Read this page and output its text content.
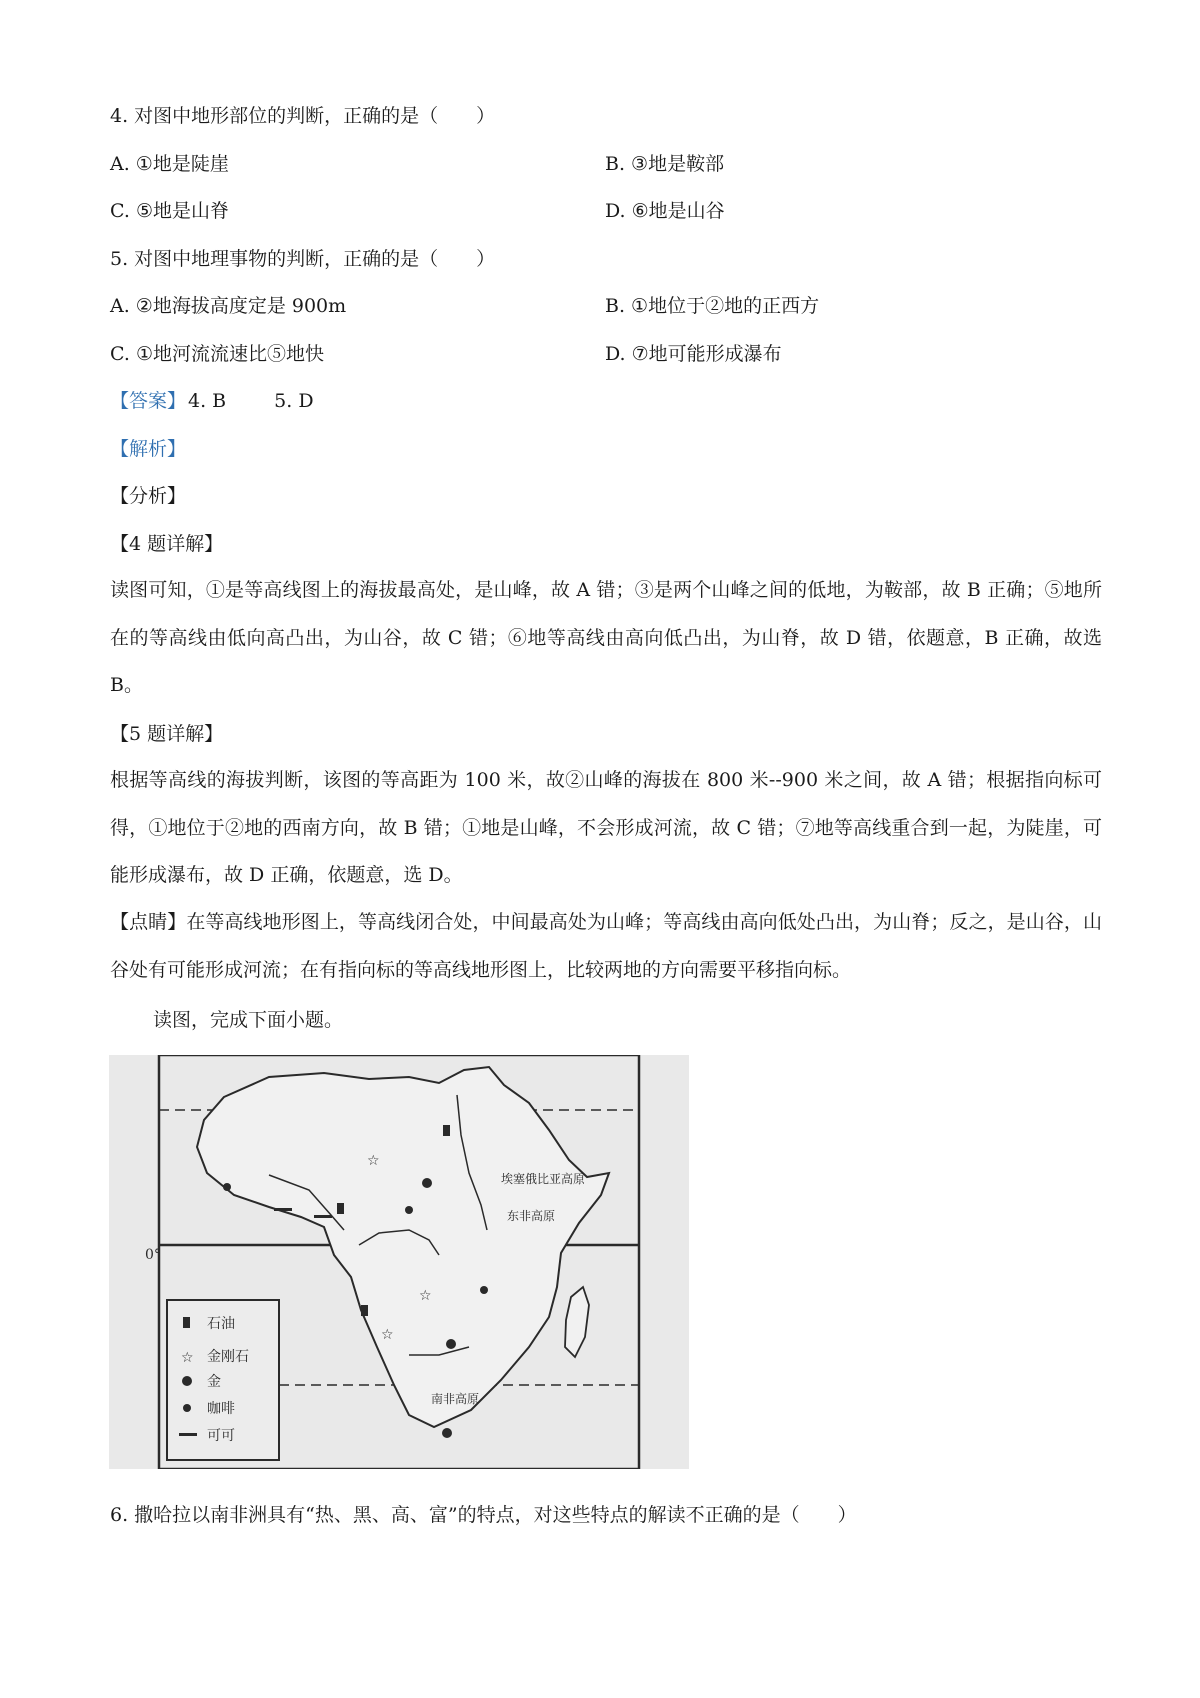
4. 对图中地形部位的判断，正确的是（　　）
A. ①地是陡崖	B. ③地是鞍部
C. ⑤地是山脊	D. ⑥地是山谷
5. 对图中地理事物的判断，正确的是（　　）
A. ②地海拔高度定是 900m	B. ①地位于②地的正西方
C. ①地河流流速比⑤地快	D. ⑦地可能形成瀑布
【答案】 4. B	5. D
【解析】
【分析】
【4 题详解】
读图可知，①是等高线图上的海拔最高处，是山峰，故 A 错；③是两个山峰之间的低地，为鞍部，故 B 正确；⑤地所在的等高线由低向高凸出，为山谷，故 C 错；⑥地等高线由高向低凸出，为山脊，故 D 错，依题意，B 正确，故选 B。
【5 题详解】
根据等高线的海拔判断，该图的等高距为 100 米，故②山峰的海拔在 800 米--900 米之间，故 A 错；根据指向标可得，①地位于②地的西南方向，故 B 错；①地是山峰，不会形成河流，故 C 错；⑦地等高线重合到一起，为陡崖，可能形成瀑布，故 D 正确，依题意，选 D。
【点睛】在等高线地形图上，等高线闭合处，中间最高处为山峰；等高线由高向低处凸出，为山脊；反之，是山谷，山谷处有可能形成河流；在有指向标的等高线地形图上，比较两地的方向需要平移指向标。
读图，完成下面小题。
0°
☆
☆
☆
埃塞俄比亚高原
东非高原
南非高原
石油
☆ 金刚石
金
咖啡
可可
6. 撒哈拉以南非洲具有“热、黑、高、富”的特点，对这些特点的解读不正确的是（　　）
